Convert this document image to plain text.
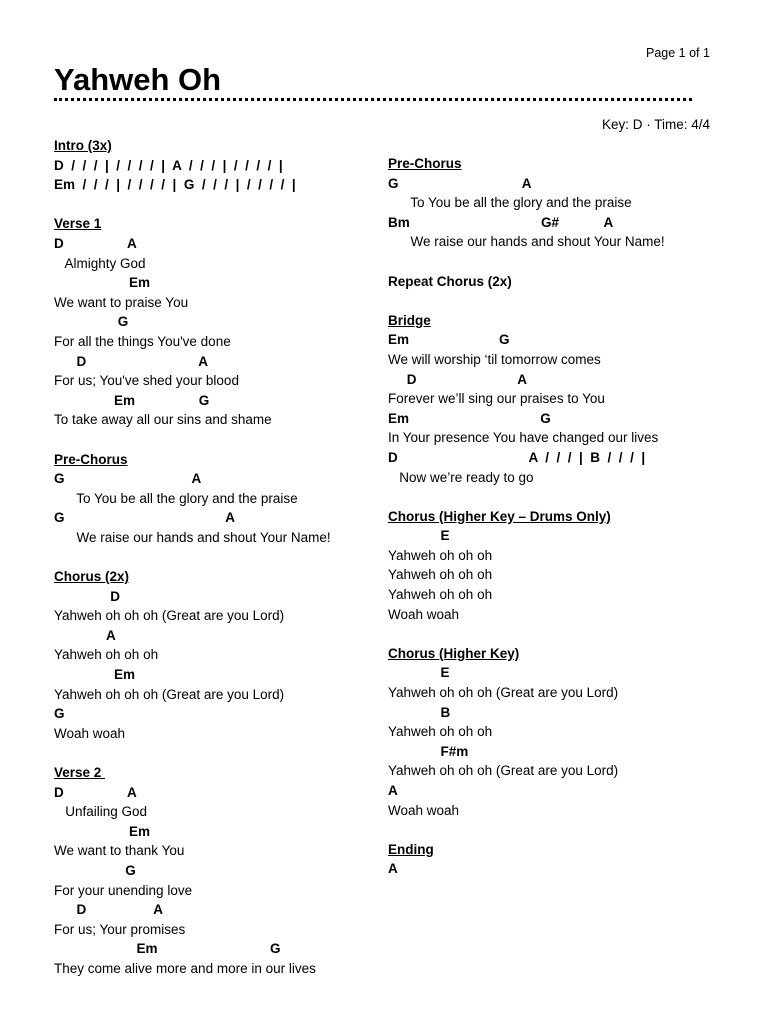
Page 1 of 1
Yahweh Oh
Key: D · Time: 4/4
Intro (3x)
D  /  /  /  |  /  /  /  /  |  A  /  /  /  |  /  /  /  /  |
Em  /  /  /  |  /  /  /  /  |  G  /  /  /  |  /  /  /  /  |
Verse 1
D                 A
Almighty God
Em
We want to praise You
G
For all the things You've done
D                              A
For us; You've shed your blood
Em                 G
To take away all our sins and shame
Pre-Chorus
G                                  A
To You be all the glory and the praise
G                                           A
We raise our hands and shout Your Name!
Chorus (2x)
D
Yahweh oh oh oh (Great are you Lord)
A
Yahweh oh oh oh
Em
Yahweh oh oh oh (Great are you Lord)
G
Woah woah
Verse 2
D                 A
Unfailing God
Em
We want to thank You
G
For your unending love
D                  A
For us; Your promises
Em                              G
They come alive more and more in our lives
Pre-Chorus
G                                 A
To You be all the glory and the praise
Bm                                   G#            A
We raise our hands and shout Your Name!
Repeat Chorus (2x)
Bridge
Em                        G
We will worship ‘til tomorrow comes
D                           A
Forever we’ll sing our praises to You
Em                                   G
In Your presence You have changed our lives
D                                   A  /  /  /  |  B  /  /  /  |
Now we’re ready to go
Chorus (Higher Key – Drums Only)
E
Yahweh oh oh oh
Yahweh oh oh oh
Yahweh oh oh oh
Woah woah
Chorus (Higher Key)
E
Yahweh oh oh oh (Great are you Lord)
B
Yahweh oh oh oh
F#m
Yahweh oh oh oh (Great are you Lord)
A
Woah woah
Ending
A
